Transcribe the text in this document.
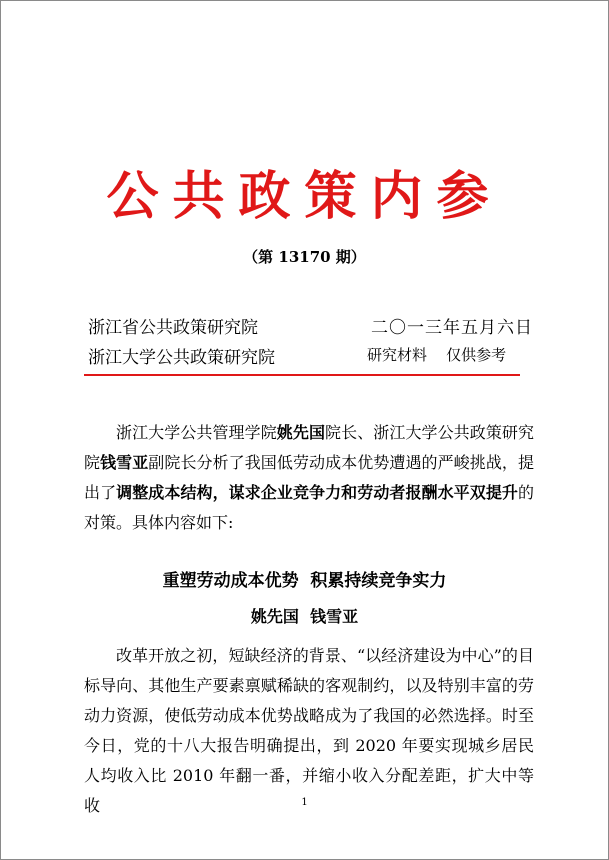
公共政策内参
（第 13170 期）
浙江省公共政策研究院	二〇一三年五月六日
浙江大学公共政策研究院	研究材料    仅供参考
浙江大学公共管理学院姚先国院长、浙江大学公共政策研究院钱雪亚副院长分析了我国低劳动成本优势遭遇的严峻挑战，提出了调整成本结构，谋求企业竞争力和劳动者报酬水平双提升的对策。具体内容如下:
重塑劳动成本优势  积累持续竞争实力
姚先国  钱雪亚
改革开放之初，短缺经济的背景、“以经济建设为中心”的目标导向、其他生产要素禀赋稀缺的客观制约，以及特别丰富的劳动力资源，使低劳动成本优势战略成为了我国的必然选择。时至今日，党的十八大报告明确提出，到 2020 年要实现城乡居民人均收入比 2010 年翻一番，并缩小收入分配差距，扩大中等收	1
